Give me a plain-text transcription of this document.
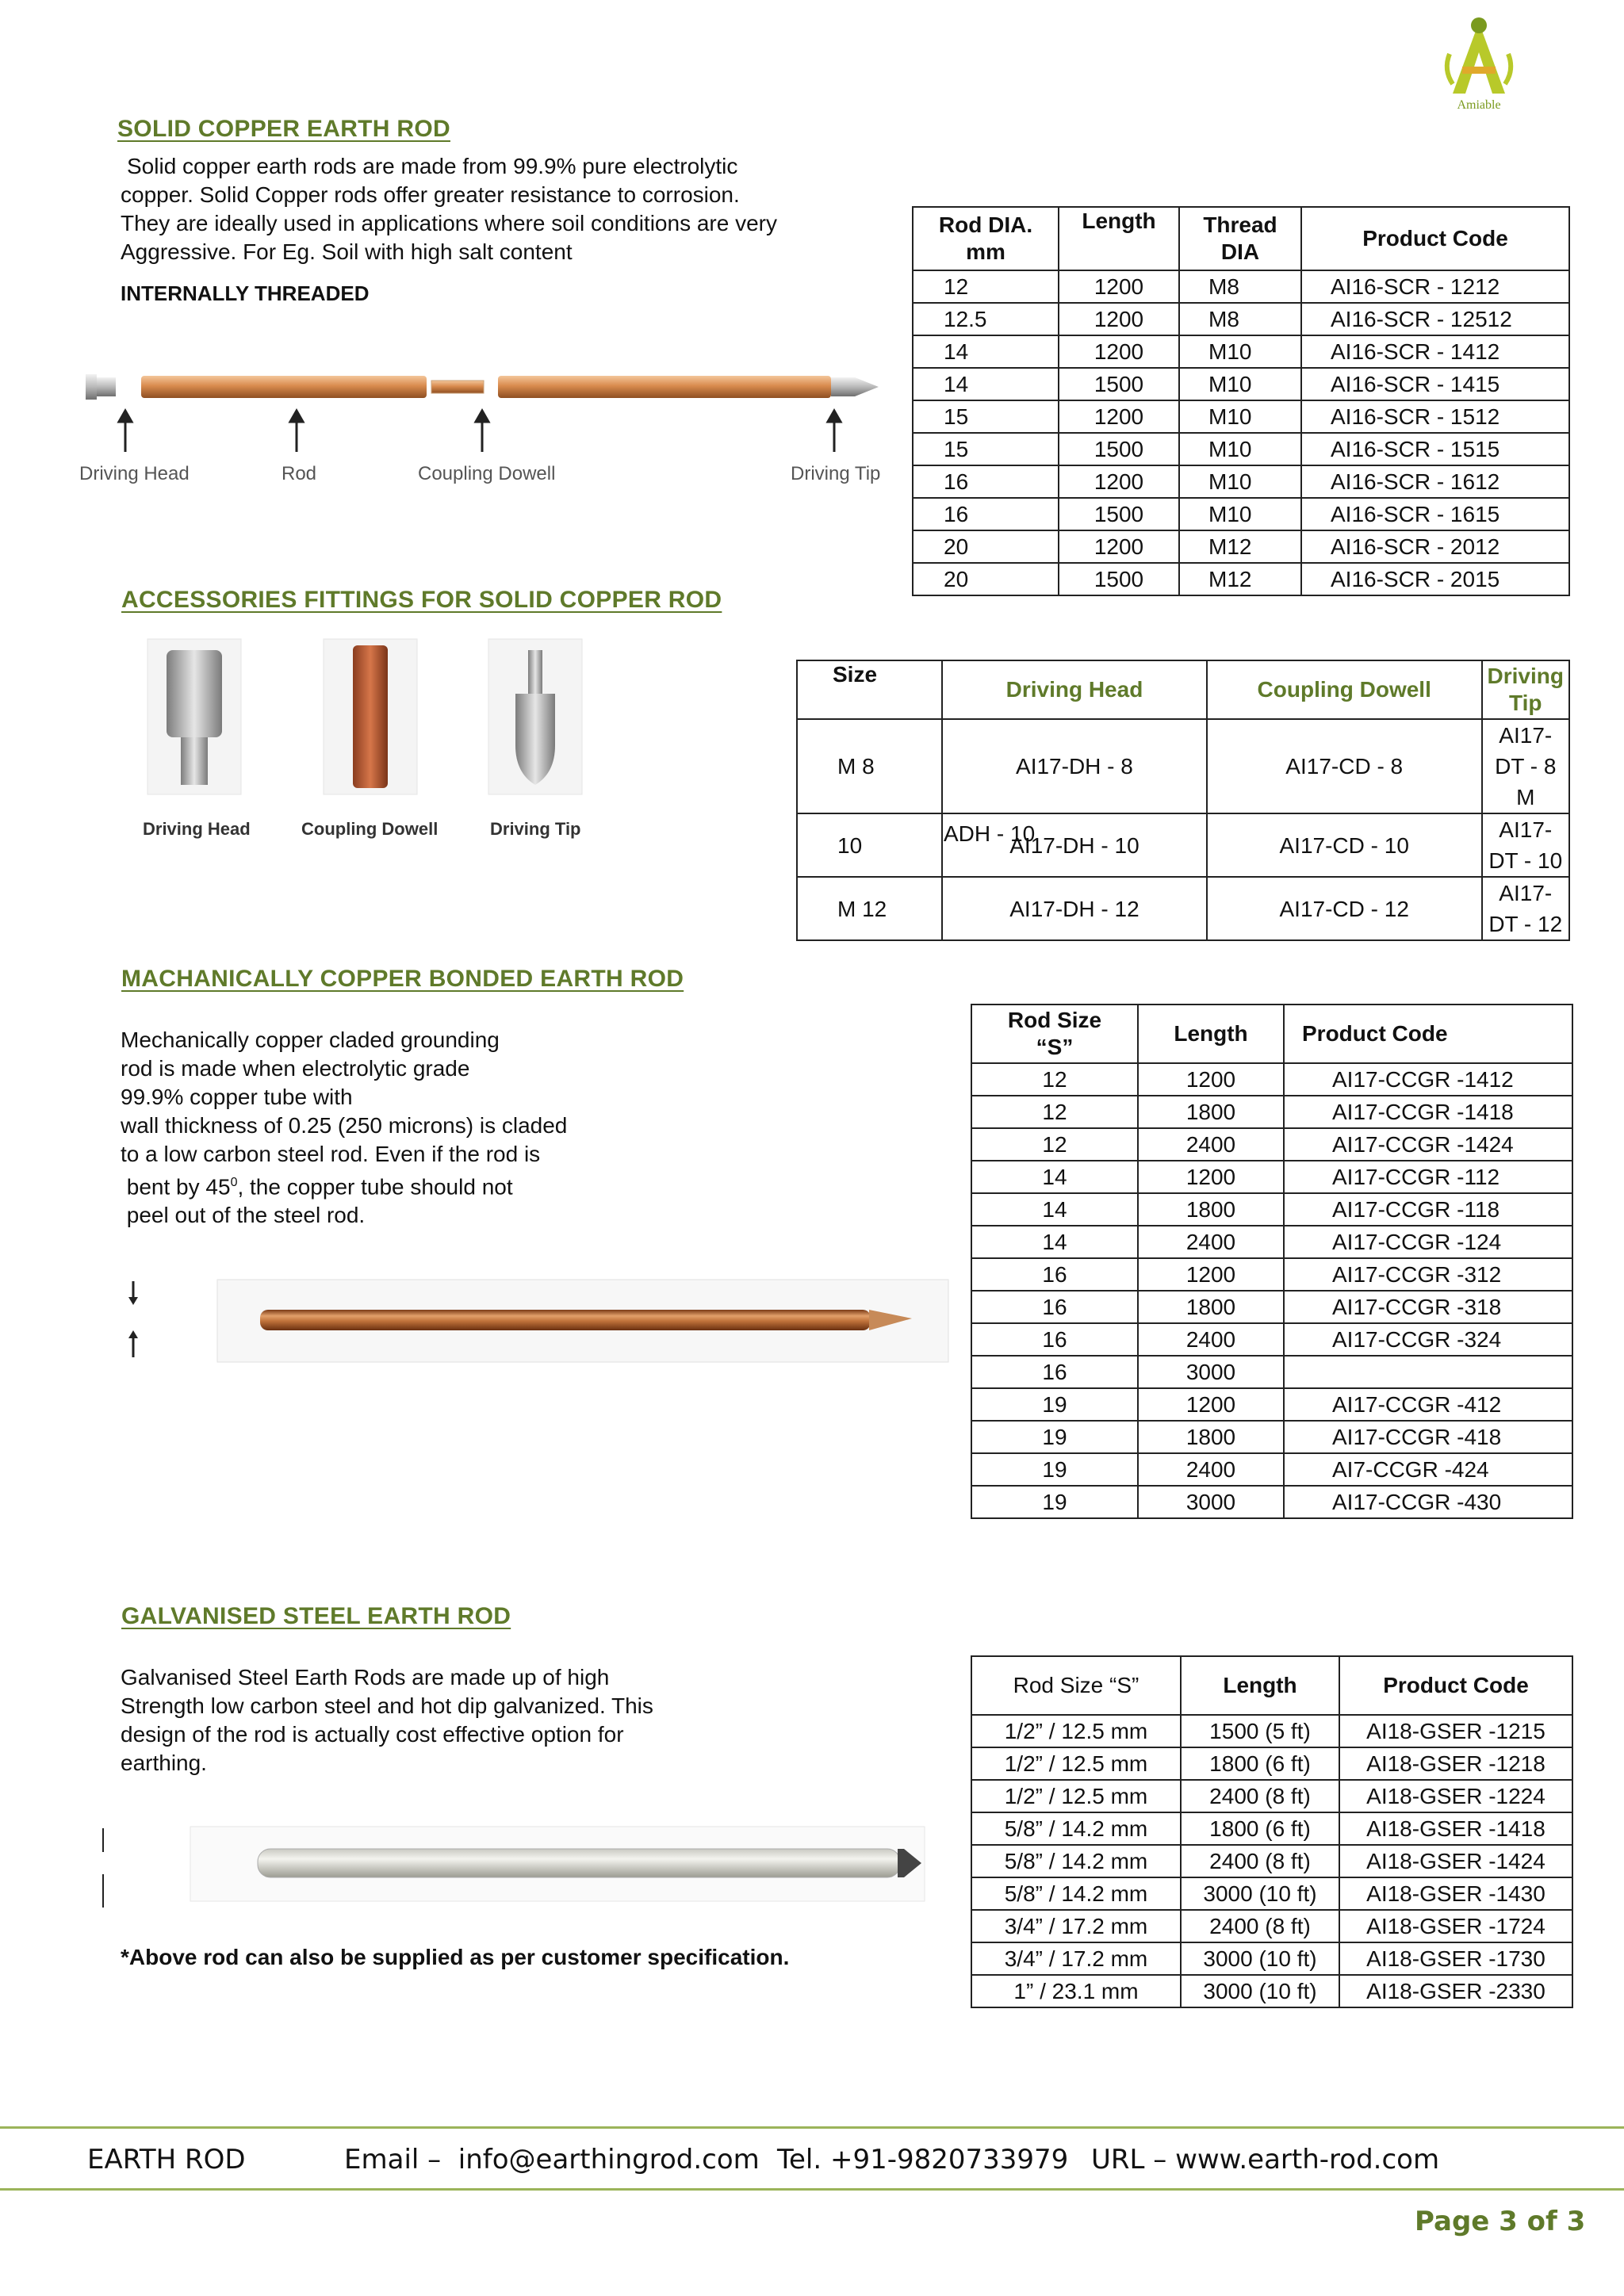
Amiable
SOLID COPPER EARTH ROD
Solid copper earth rods are made from 99.9% pure electrolytic
copper. Solid Copper rods offer greater resistance to corrosion.
They are ideally used in applications where soil conditions are very
Aggressive. For Eg. Soil with high salt content
INTERNALLY THREADED
Driving Head	Rod	Coupling Dowell	Driving Tip
Rod DIA. mm	Length	Thread DIA	Product Code
12	1200	M8	AI16-SCR - 1212
12.5	1200	M8	AI16-SCR - 12512
14	1200	M10	AI16-SCR - 1412
14	1500	M10	AI16-SCR - 1415
15	1200	M10	AI16-SCR - 1512
15	1500	M10	AI16-SCR - 1515
16	1200	M10	AI16-SCR - 1612
16	1500	M10	AI16-SCR - 1615
20	1200	M12	AI16-SCR - 2012
20	1500	M12	AI16-SCR - 2015
ACCESSORIES FITTINGS FOR SOLID COPPER ROD
Driving Head	Coupling Dowell	Driving Tip
Size	Driving Head	Coupling Dowell	Driving Tip
M 8	AI17-DH - 8	AI17-CD - 8	AI17-DT - 8 M
10	AI17-DH - 10	AI17-CD - 10	AI17-DT - 10
M 12	AI17-DH - 12	AI17-CD - 12	AI17-DT - 12
ADH - 10
MACHANICALLY COPPER BONDED EARTH ROD
Mechanically copper claded grounding
rod is made when electrolytic grade
99.9% copper tube with
wall thickness of 0.25 (250 microns) is claded
to a low carbon steel rod. Even if the rod is
bent by $45^0$, the copper tube should not
peel out of the steel rod.
Rod Size “S”	Length	Product Code
12	1200	AI17-CCGR -1412
12	1800	AI17-CCGR -1418
12	2400	AI17-CCGR -1424
14	1200	AI17-CCGR -112
14	1800	AI17-CCGR -118
14	2400	AI17-CCGR -124
16	1200	AI17-CCGR -312
16	1800	AI17-CCGR -318
16	2400	AI17-CCGR -324
16	3000	
19	1200	AI17-CCGR -412
19	1800	AI17-CCGR -418
19	2400	AI7-CCGR -424
19	3000	AI17-CCGR -430
GALVANISED STEEL EARTH ROD
Galvanised Steel Earth Rods are made up of high
Strength low carbon steel and hot dip galvanized. This
design of the rod is actually cost effective option for
earthing.
*Above rod can also be supplied as per customer specification.
Rod Size “S”	Length	Product Code
1/2” / 12.5 mm	1500 (5 ft)	AI18-GSER -1215
1/2” / 12.5 mm	1800 (6 ft)	AI18-GSER -1218
1/2” / 12.5 mm	2400 (8 ft)	AI18-GSER -1224
5/8” / 14.2 mm	1800 (6 ft)	AI18-GSER -1418
5/8” / 14.2 mm	2400 (8 ft)	AI18-GSER -1424
5/8” / 14.2 mm	3000 (10 ft)	AI18-GSER -1430
3/4” / 17.2 mm	2400 (8 ft)	AI18-GSER -1724
3/4” / 17.2 mm	3000 (10 ft)	AI18-GSER -1730
1” / 23.1 mm	3000 (10 ft)	AI18-GSER -2330
EARTH ROD	Email –  info@earthingrod.com Tel. +91-9820733979 URL – www.earth-rod.com
Page 3 of 3
